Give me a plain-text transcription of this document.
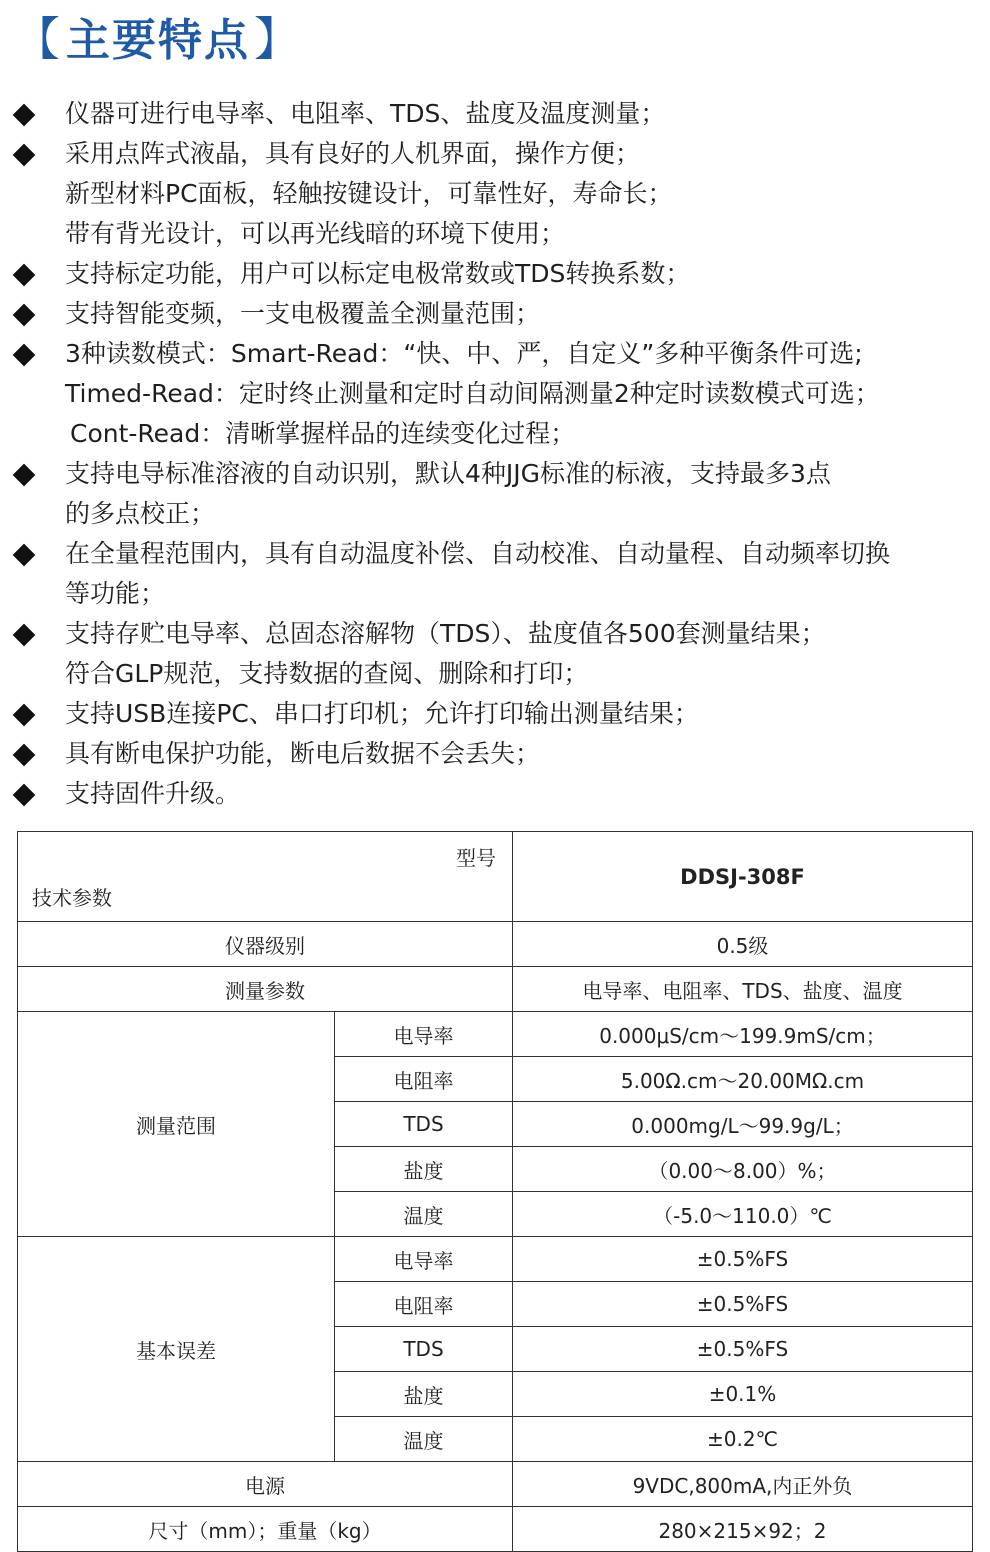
【 主要特点 】
仪器可进行电导率、电阻率、TDS、盐度及温度测量；
采用点阵式液晶，具有良好的人机界面，操作方便；
新型材料PC面板，轻触按键设计，可靠性好，寿命长；
带有背光设计，可以再光线暗的环境下使用；
支持标定功能，用户可以标定电极常数或TDS转换系数；
支持智能变频，一支电极覆盖全测量范围；
3种读数模式：Smart-Read：“快、中、严，自定义”多种平衡条件可选;
Timed-Read：定时终止测量和定时自动间隔测量2种定时读数模式可选；
Cont-Read：清晰掌握样品的连续变化过程；
支持电导标准溶液的自动识别，默认4种JJG标准的标液，支持最多3点
的多点校正；
在全量程范围内，具有自动温度补偿、自动校准、自动量程、自动频率切换
等功能；
支持存贮电导率、总固态溶解物（TDS）、盐度值各500套测量结果；
符合GLP规范，支持数据的查阅、删除和打印；
支持USB连接PC、串口打印机；允许打印输出测量结果；
具有断电保护功能，断电后数据不会丢失；
支持固件升级。
型号
技术参数		DDSJ-308F
仪器级别		0.5级
测量参数		电导率、电阻率、TDS、盐度、温度
测量范围	电导率	0.000μS/cm～199.9mS/cm；
	电阻率	5.00Ω.cm～20.00MΩ.cm
	TDS	0.000mg/L～99.9g/L；
	盐度	（0.00～8.00）%；
	温度	（-5.0～110.0）℃
基本误差	电导率	±0.5%FS
	电阻率	±0.5%FS
	TDS	±0.5%FS
	盐度	±0.1%
	温度	±0.2℃
电源		9VDC,800mA,内正外负
尺寸（mm）；重量（kg）		280×215×92；2
